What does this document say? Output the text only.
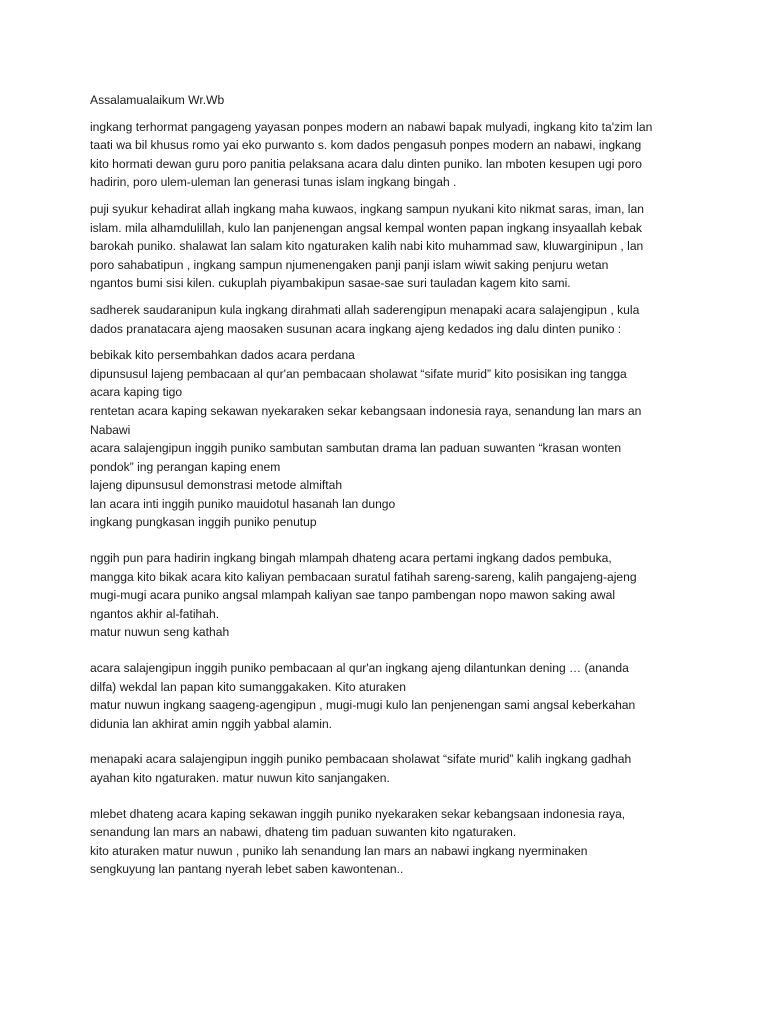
Assalamualaikum Wr.Wb

ingkang terhormat pangageng yayasan ponpes modern an nabawi bapak mulyadi, ingkang kito ta'zim lan
taati wa bil khusus romo yai eko purwanto s. kom dados pengasuh ponpes modern an nabawi, ingkang
kito hormati dewan guru poro panitia pelaksana acara dalu dinten puniko. lan mboten kesupen ugi poro
hadirin, poro ulem-uleman lan generasi tunas islam ingkang bingah .

puji syukur kehadirat allah ingkang maha kuwaos, ingkang sampun nyukani kito nikmat saras, iman, lan
islam. mila alhamdulillah, kulo lan panjenengan angsal kempal wonten papan ingkang insyaallah kebak
barokah puniko. shalawat lan salam kito ngaturaken kalih nabi kito muhammad saw, kluwarginipun , lan
poro sahabatipun , ingkang sampun njumenengaken panji panji islam wiwit saking penjuru wetan
ngantos bumi sisi kilen. cukuplah piyambakipun sasae-sae suri tauladan kagem kito sami.

sadherek saudaranipun kula ingkang dirahmati allah saderengipun menapaki acara salajengipun , kula
dados pranatacara ajeng maosaken susunan acara ingkang ajeng kedados ing dalu dinten puniko :

bebikak kito persembahkan dados acara perdana
dipunsusul lajeng pembacaan al qur'an pembacaan sholawat “sifate murid” kito posisikan ing tangga
acara kaping tigo
rentetan acara kaping sekawan nyekaraken sekar kebangsaan indonesia raya, senandung lan mars an
Nabawi
acara salajengipun inggih puniko sambutan sambutan drama lan paduan suwanten “krasan wonten
pondok” ing perangan kaping enem
lajeng dipunsusul demonstrasi metode almiftah
lan acara inti inggih puniko mauidotul hasanah lan dungo
ingkang pungkasan inggih puniko penutup

nggih pun para hadirin ingkang bingah mlampah dhateng acara pertami ingkang dados pembuka,
mangga kito bikak acara kito kaliyan pembacaan suratul fatihah sareng-sareng, kalih pangajeng-ajeng
mugi-mugi acara puniko angsal mlampah kaliyan sae tanpo pambengan nopo mawon saking awal
ngantos akhir al-fatihah.
matur nuwun seng kathah

acara salajengipun inggih puniko pembacaan al qur'an ingkang ajeng dilantunkan dening … (ananda
dilfa) wekdal lan papan kito sumanggakaken. Kito aturaken
matur nuwun ingkang saageng-agengipun , mugi-mugi kulo lan penjenengan sami angsal keberkahan
didunia lan akhirat amin nggih yabbal alamin.

menapaki acara salajengipun inggih puniko pembacaan sholawat “sifate murid” kalih ingkang gadhah
ayahan kito ngaturaken. matur nuwun kito sanjangaken.

mlebet dhateng acara kaping sekawan inggih puniko nyekaraken sekar kebangsaan indonesia raya,
senandung lan mars an nabawi, dhateng tim paduan suwanten kito ngaturaken.
kito aturaken matur nuwun , puniko lah senandung lan mars an nabawi ingkang nyerminaken
sengkuyung lan pantang nyerah lebet saben kawontenan..
